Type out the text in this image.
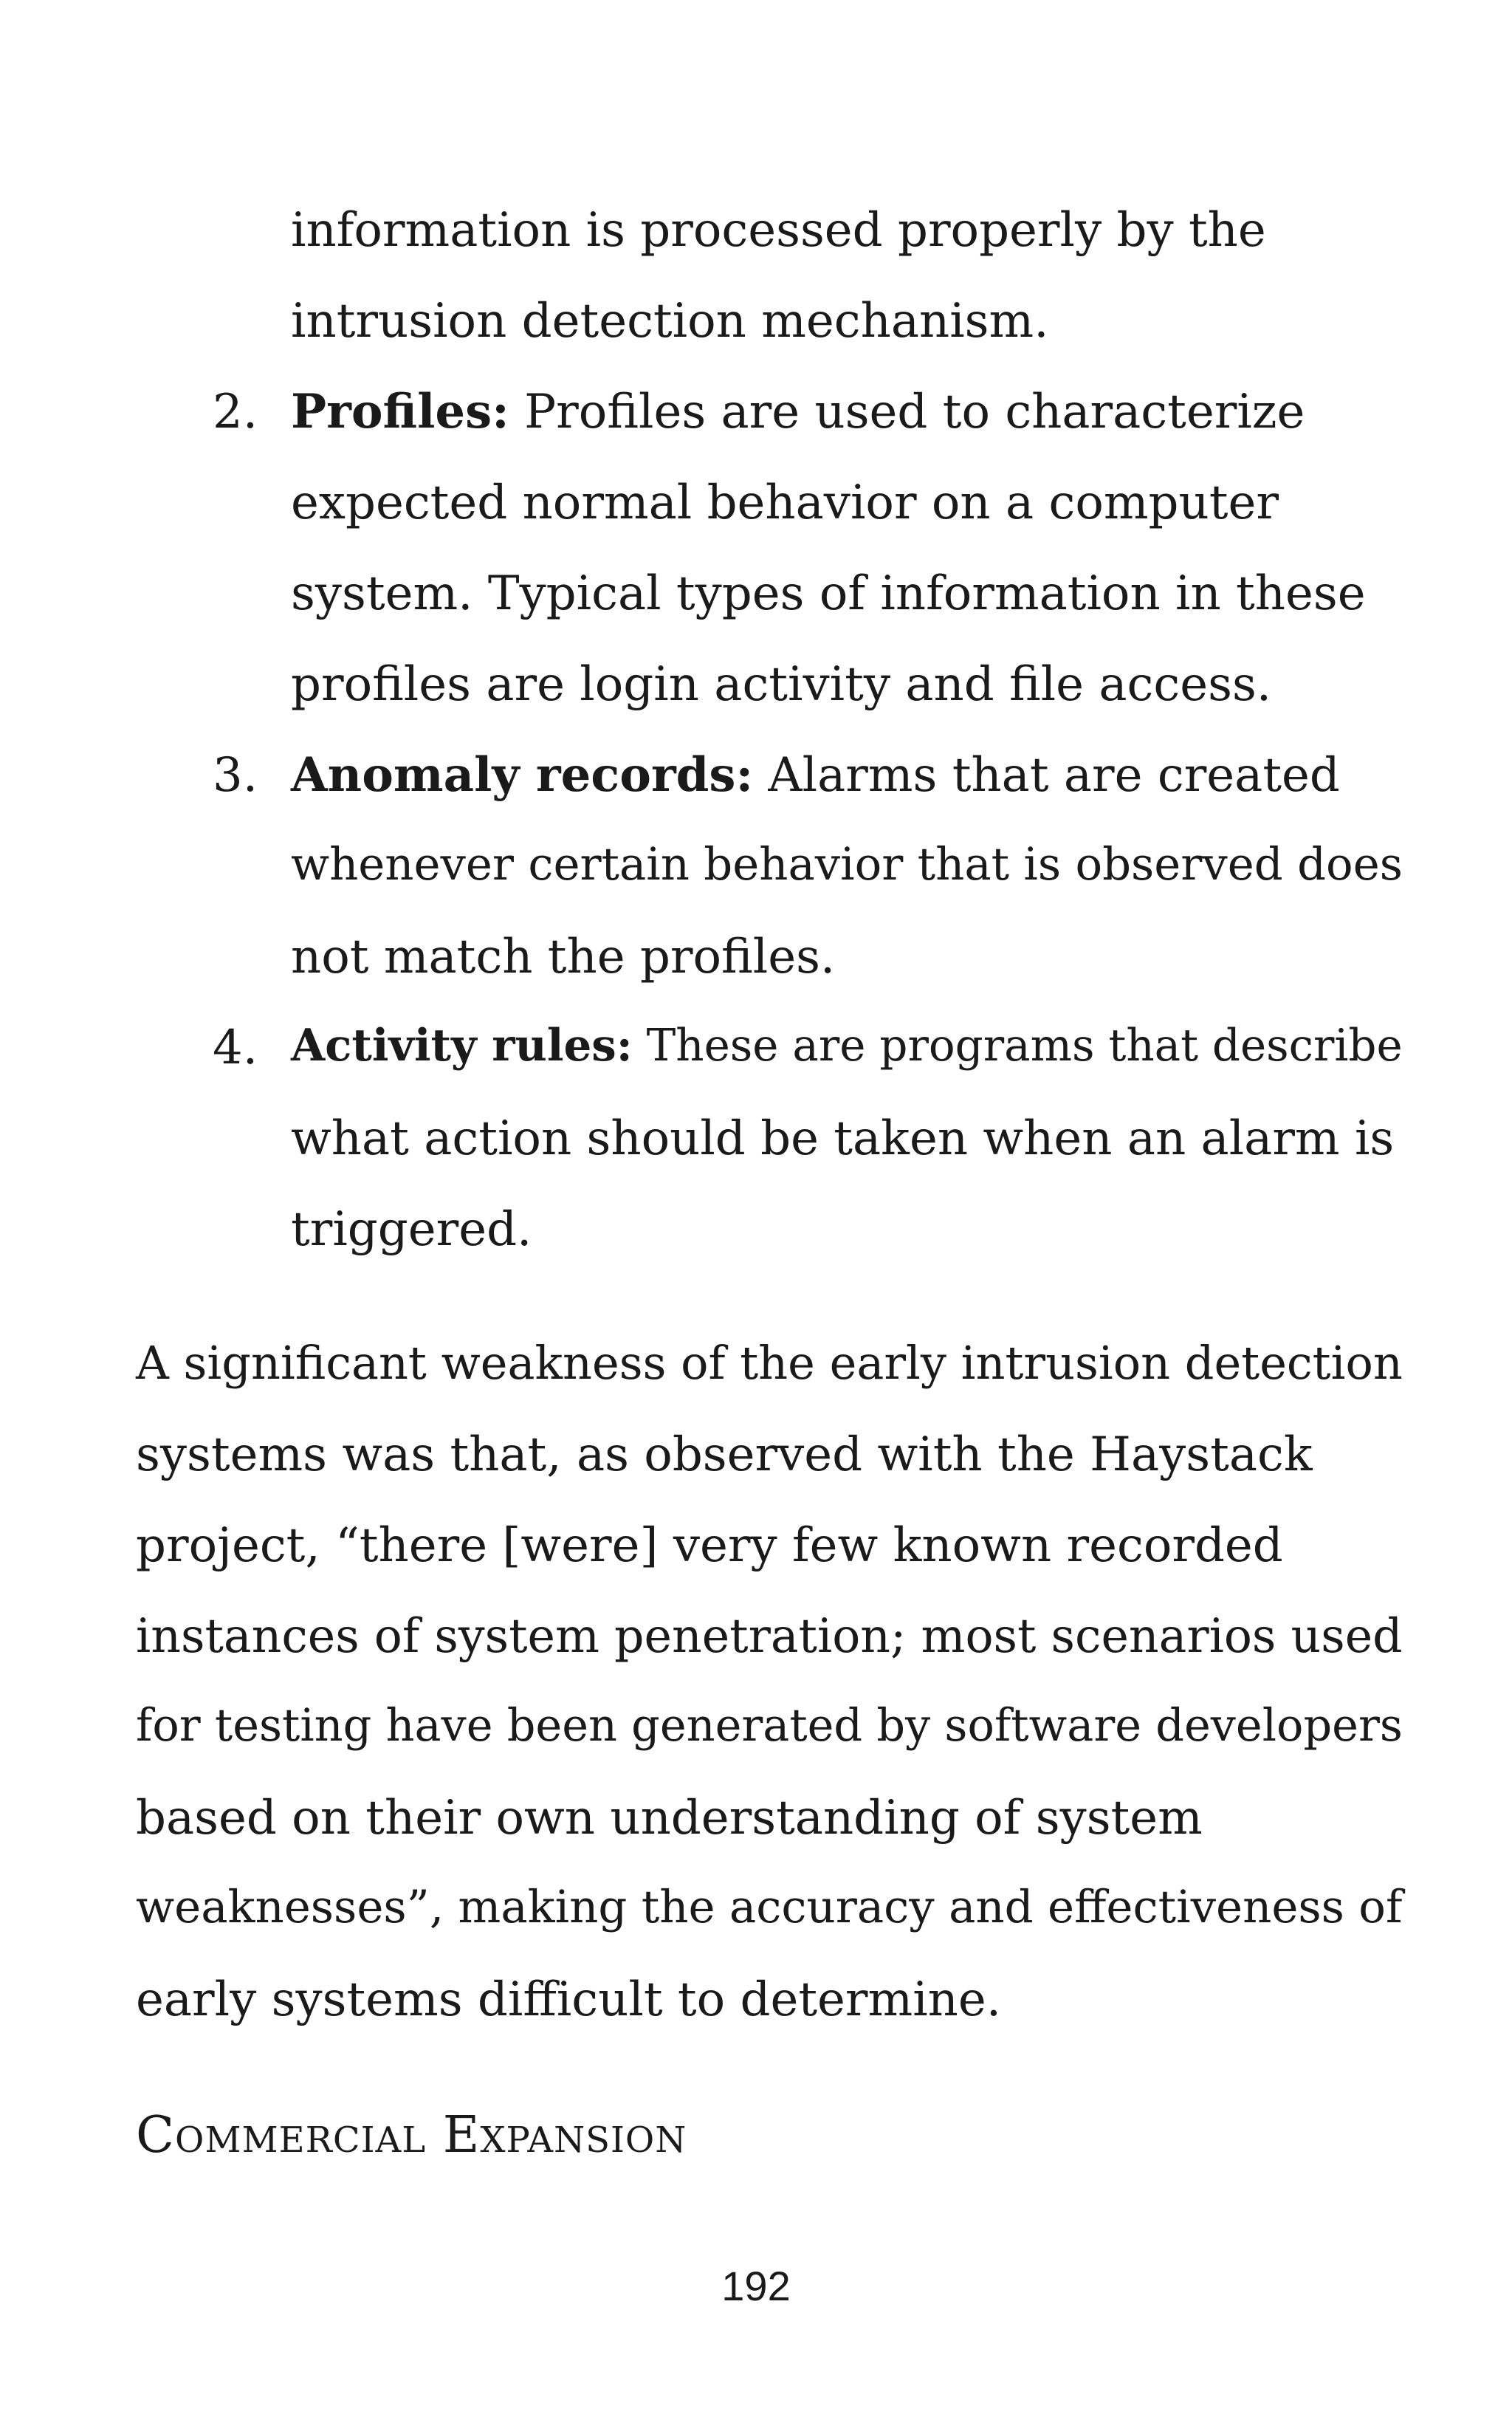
information is processed properly by the
intrusion detection mechanism.
2. Profiles: Profiles are used to characterize
expected normal behavior on a computer
system. Typical types of information in these
profiles are login activity and file access.
3. Anomaly records: Alarms that are created
whenever certain behavior that is observed does
not match the profiles.
4. Activity rules: These are programs that describe
what action should be taken when an alarm is
triggered.
A significant weakness of the early intrusion detection
systems was that, as observed with the Haystack
project, “there [were] very few known recorded
instances of system penetration; most scenarios used
for testing have been generated by software developers
based on their own understanding of system
weaknesses”, making the accuracy and effectiveness of
early systems difficult to determine.
Commercial Expansion
192
